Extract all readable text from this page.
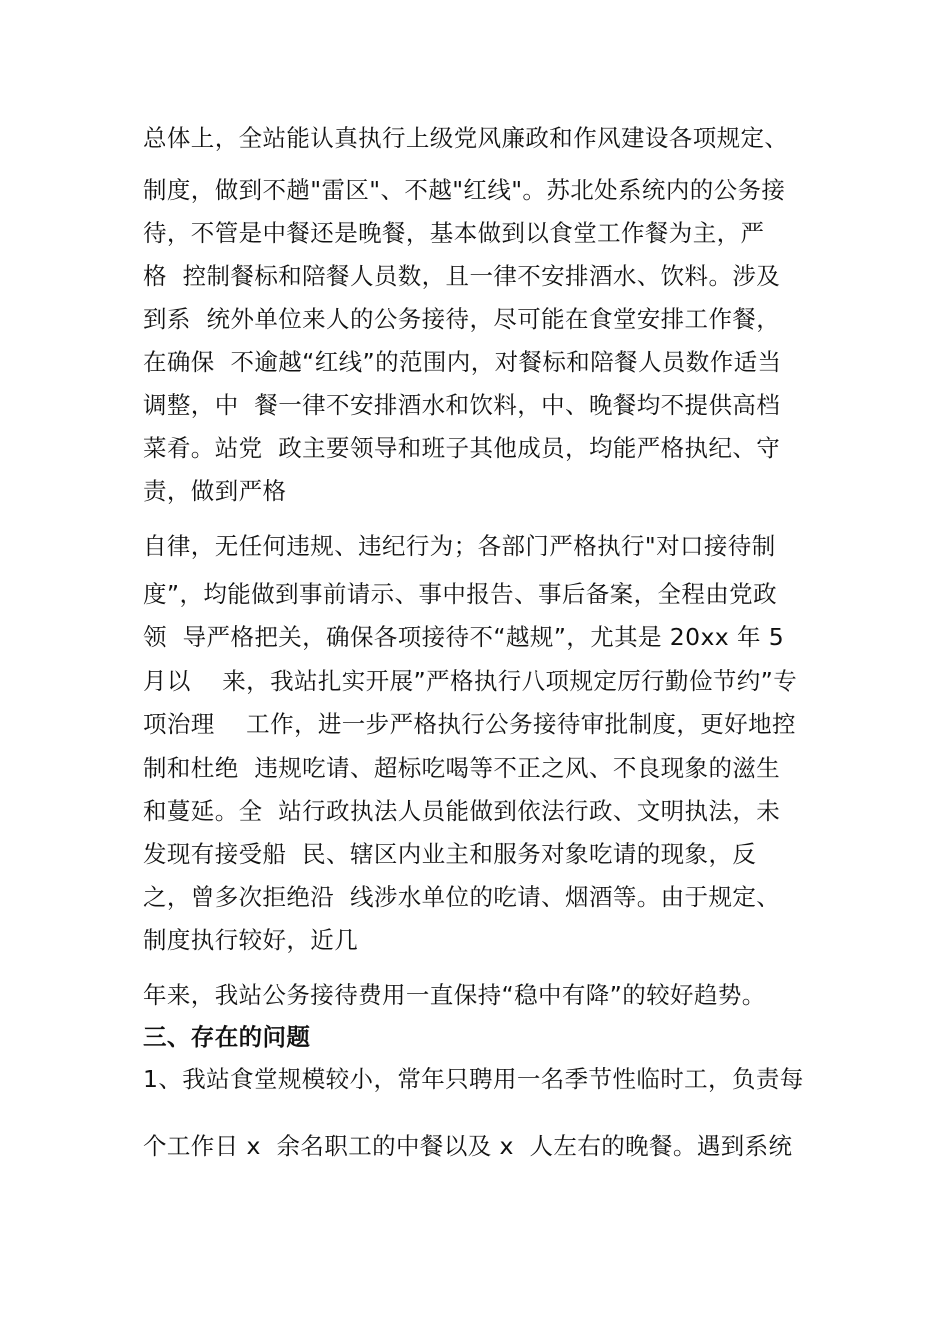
总体上，全站能认真执行上级党风廉政和作风建设各项规定、
制度，做到不趟"雷区"、不越"红线"。苏北处系统内的公务接
待，不管是中餐还是晚餐，基本做到以食堂工作餐为主，严
格  控制餐标和陪餐人员数，且一律不安排酒水、饮料。涉及
到系  统外单位来人的公务接待，尽可能在食堂安排工作餐，
在确保  不逾越“红线”的范围内，对餐标和陪餐人员数作适当
调整，中  餐一律不安排酒水和饮料，中、晚餐均不提供高档
菜肴。站党  政主要领导和班子其他成员，均能严格执纪、守
责，做到严格
自律，无任何违规、违纪行为；各部门严格执行"对口接待制
度”，均能做到事前请示、事中报告、事后备案，全程由党政
领  导严格把关，确保各项接待不“越规”，尤其是 20xx 年 5
月以    来，我站扎实开展”严格执行八项规定厉行勤俭节约”专
项治理    工作，进一步严格执行公务接待审批制度，更好地控
制和杜绝  违规吃请、超标吃喝等不正之风、不良现象的滋生
和蔓延。全  站行政执法人员能做到依法行政、文明执法，未
发现有接受船  民、辖区内业主和服务对象吃请的现象，反
之，曾多次拒绝沿  线涉水单位的吃请、烟酒等。由于规定、
制度执行较好，近几
年来，我站公务接待费用一直保持“稳中有降”的较好趋势。
三、存在的问题
1、我站食堂规模较小，常年只聘用一名季节性临时工，负责每
个工作日 x  余名职工的中餐以及 x  人左右的晚餐。遇到系统
